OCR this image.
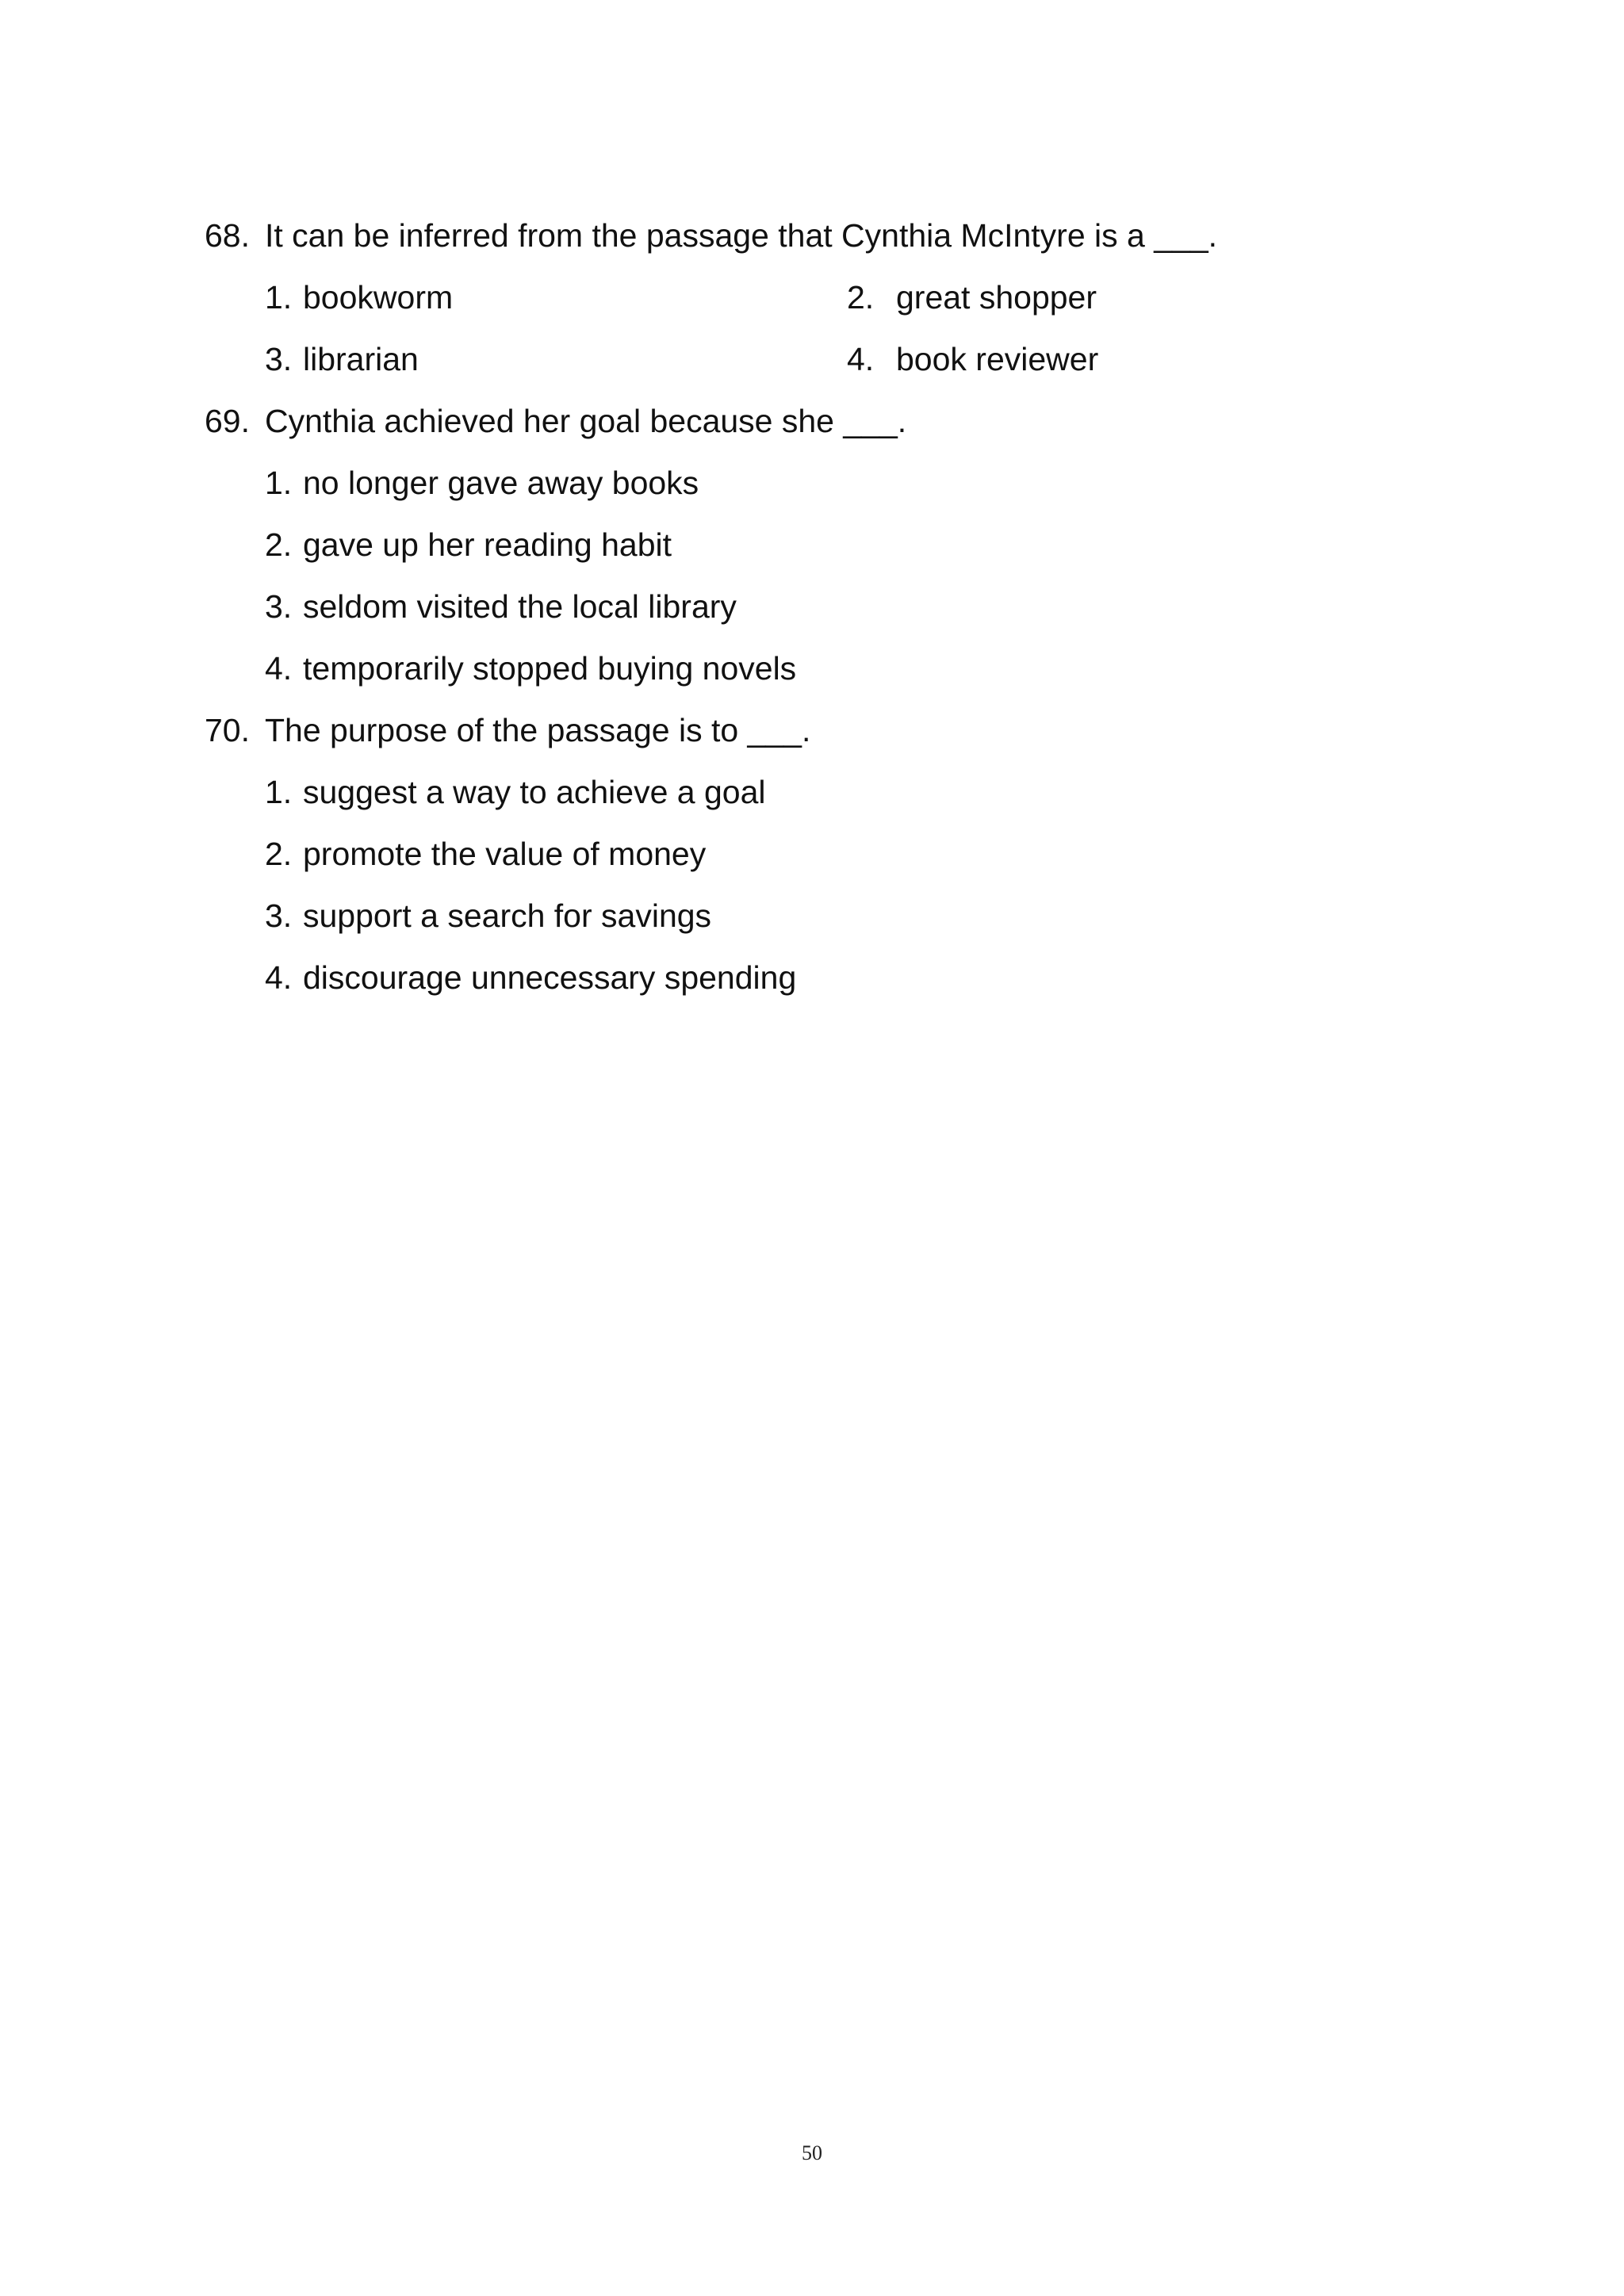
68. It can be inferred from the passage that Cynthia McIntyre is a ___.
1. bookworm	2. great shopper
3. librarian	4. book reviewer
69. Cynthia achieved her goal because she ___.
1. no longer gave away books
2. gave up her reading habit
3. seldom visited the local library
4. temporarily stopped buying novels
70. The purpose of the passage is to ___.
1. suggest a way to achieve a goal
2. promote the value of money
3. support a search for savings
4. discourage unnecessary spending
50
